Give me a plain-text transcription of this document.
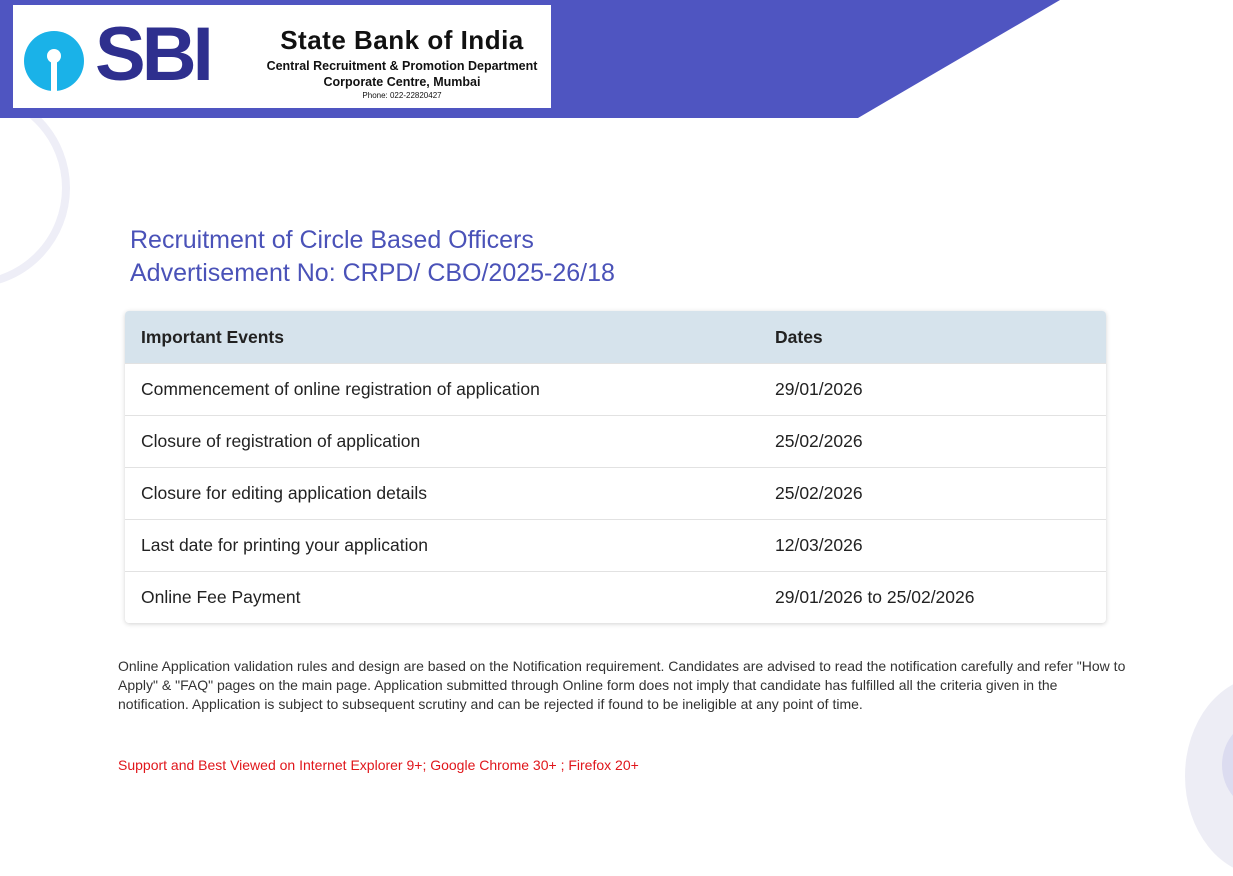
SBI	State Bank of India
Central Recruitment & Promotion Department
Corporate Centre, Mumbai
Phone: 022-22820427
Recruitment of Circle Based Officers
Advertisement No: CRPD/ CBO/2025-26/18
Important Events	Dates
Commencement of online registration of application	29/01/2026
Closure of registration of application	25/02/2026
Closure for editing application details	25/02/2026
Last date for printing your application	12/03/2026
Online Fee Payment	29/01/2026 to 25/02/2026
Online Application validation rules and design are based on the Notification requirement. Candidates are advised to read the notification carefully and refer "How to Apply" & "FAQ" pages on the main page. Application submitted through Online form does not imply that candidate has fulfilled all the criteria given in the notification. Application is subject to subsequent scrutiny and can be rejected if found to be ineligible at any point of time.
Support and Best Viewed on Internet Explorer 9+; Google Chrome 30+ ; Firefox 20+
